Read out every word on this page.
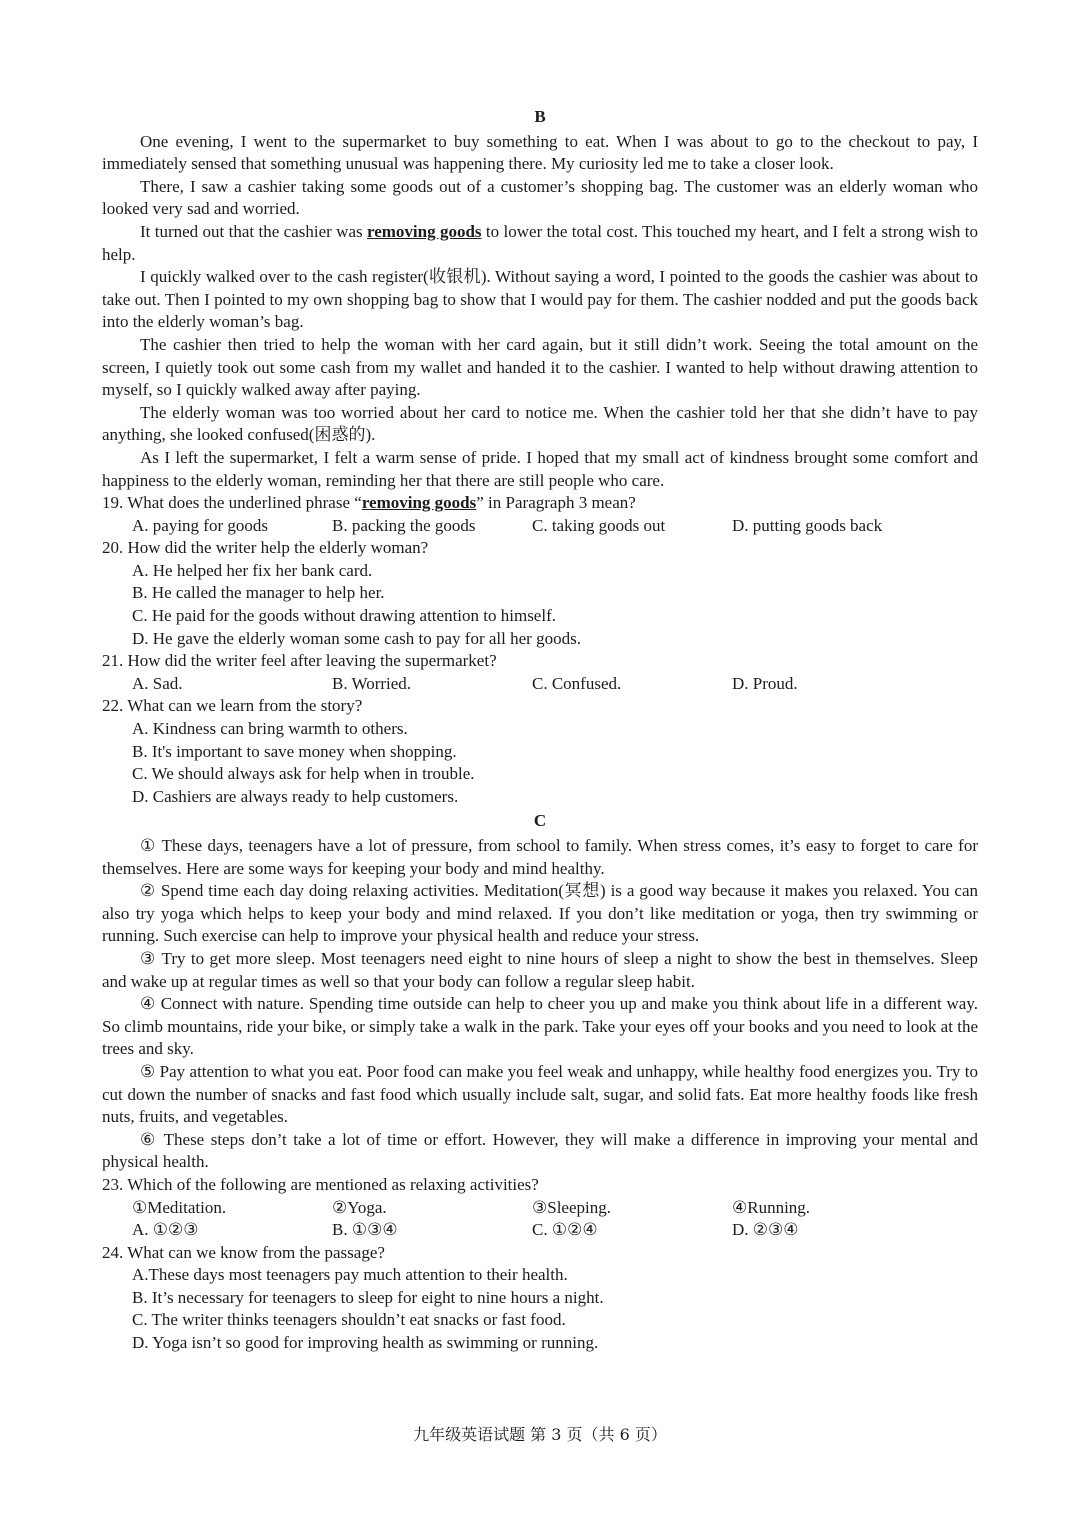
B

One evening, I went to the supermarket to buy something to eat. When I was about to go to the checkout to pay, I immediately sensed that something unusual was happening there. My curiosity led me to take a closer look.

There, I saw a cashier taking some goods out of a customer’s shopping bag. The customer was an elderly woman who looked very sad and worried.

It turned out that the cashier was removing goods to lower the total cost. This touched my heart, and I felt a strong wish to help.

I quickly walked over to the cash register(收银机). Without saying a word, I pointed to the goods the cashier was about to take out. Then I pointed to my own shopping bag to show that I would pay for them. The cashier nodded and put the goods back into the elderly woman’s bag.

The cashier then tried to help the woman with her card again, but it still didn’t work. Seeing the total amount on the screen, I quietly took out some cash from my wallet and handed it to the cashier. I wanted to help without drawing attention to myself, so I quickly walked away after paying.

The elderly woman was too worried about her card to notice me. When the cashier told her that she didn’t have to pay anything, she looked confused(困惑的).

As I left the supermarket, I felt a warm sense of pride. I hoped that my small act of kindness brought some comfort and happiness to the elderly woman, reminding her that there are still people who care.

19. What does the underlined phrase “removing goods” in Paragraph 3 mean?
A. paying for goods	B. packing the goods	C. taking goods out	D. putting goods back
20. How did the writer help the elderly woman?
A. He helped her fix her bank card.
B. He called the manager to help her.
C. He paid for the goods without drawing attention to himself.
D. He gave the elderly woman some cash to pay for all her goods.
21. How did the writer feel after leaving the supermarket?
A. Sad.	B. Worried.	C. Confused.	D. Proud.
22. What can we learn from the story?
A. Kindness can bring warmth to others.
B. It's important to save money when shopping.
C. We should always ask for help when in trouble.
D. Cashiers are always ready to help customers.
C

① These days, teenagers have a lot of pressure, from school to family. When stress comes, it’s easy to forget to care for themselves. Here are some ways for keeping your body and mind healthy.

② Spend time each day doing relaxing activities. Meditation(冥想) is a good way because it makes you relaxed. You can also try yoga which helps to keep your body and mind relaxed. If you don’t like meditation or yoga, then try swimming or running. Such exercise can help to improve your physical health and reduce your stress.

③ Try to get more sleep. Most teenagers need eight to nine hours of sleep a night to show the best in themselves. Sleep and wake up at regular times as well so that your body can follow a regular sleep habit.

④ Connect with nature. Spending time outside can help to cheer you up and make you think about life in a different way. So climb mountains, ride your bike, or simply take a walk in the park. Take your eyes off your books and you need to look at the trees and sky.

⑤ Pay attention to what you eat. Poor food can make you feel weak and unhappy, while healthy food energizes you. Try to cut down the number of snacks and fast food which usually include salt, sugar, and solid fats. Eat more healthy foods like fresh nuts, fruits, and vegetables.

⑥ These steps don’t take a lot of time or effort. However, they will make a difference in improving your mental and physical health.

23. Which of the following are mentioned as relaxing activities?
①Meditation.	②Yoga.	③Sleeping.	④Running.
A. ①②③	B. ①③④	C. ①②④	D. ②③④
24. What can we know from the passage?
A.These days most teenagers pay much attention to their health.
B. It’s necessary for teenagers to sleep for eight to nine hours a night.
C. The writer thinks teenagers shouldn’t eat snacks or fast food.
D. Yoga isn’t so good for improving health as swimming or running.
九年级英语试题 第 3 页（共 6 页）
